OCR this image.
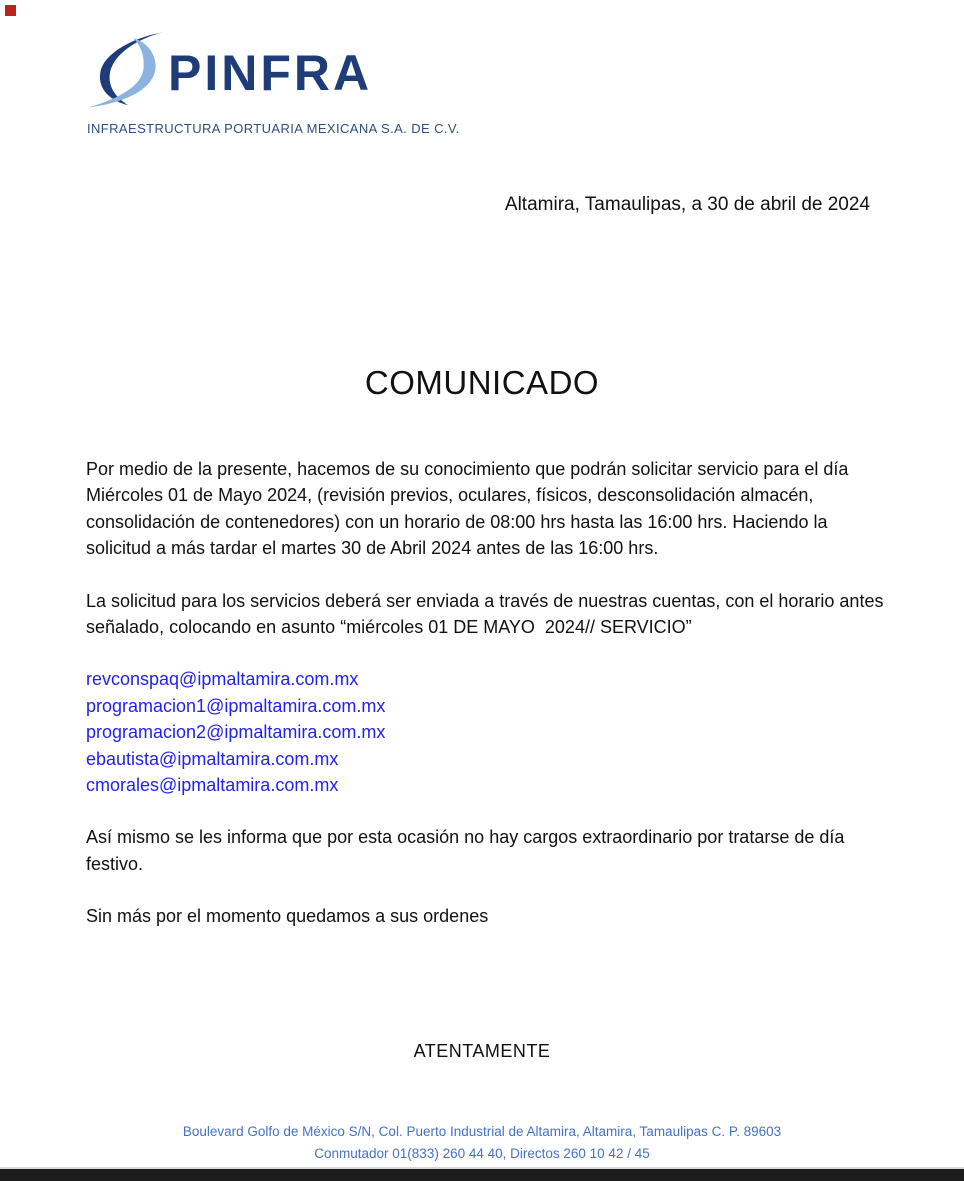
PINFRA
INFRAESTRUCTURA PORTUARIA MEXICANA S.A. DE C.V.
Altamira, Tamaulipas, a 30 de abril de 2024
COMUNICADO

Por medio de la presente, hacemos de su conocimiento que podrán solicitar servicio para el día Miércoles 01 de Mayo 2024, (revisión previos, oculares, físicos, desconsolidación almacén, consolidación de contenedores) con un horario de 08:00 hrs hasta las 16:00 hrs. Haciendo la solicitud a más tardar el martes 30 de Abril 2024 antes de las 16:00 hrs.

La solicitud para los servicios deberá ser enviada a través de nuestras cuentas, con el horario antes señalado, colocando en asunto “miércoles 01 DE MAYO  2024// SERVICIO”

revconspaq@ipmaltamira.com.mx
programacion1@ipmaltamira.com.mx
programacion2@ipmaltamira.com.mx
ebautista@ipmaltamira.com.mx
cmorales@ipmaltamira.com.mx

Así mismo se les informa que por esta ocasión no hay cargos extraordinario por tratarse de día festivo.

Sin más por el momento quedamos a sus ordenes

ATENTAMENTE
Boulevard Golfo de México S/N, Col. Puerto Industrial de Altamira, Altamira, Tamaulipas C. P. 89603
Conmutador 01(833) 260 44 40, Directos 260 10 42 / 45
